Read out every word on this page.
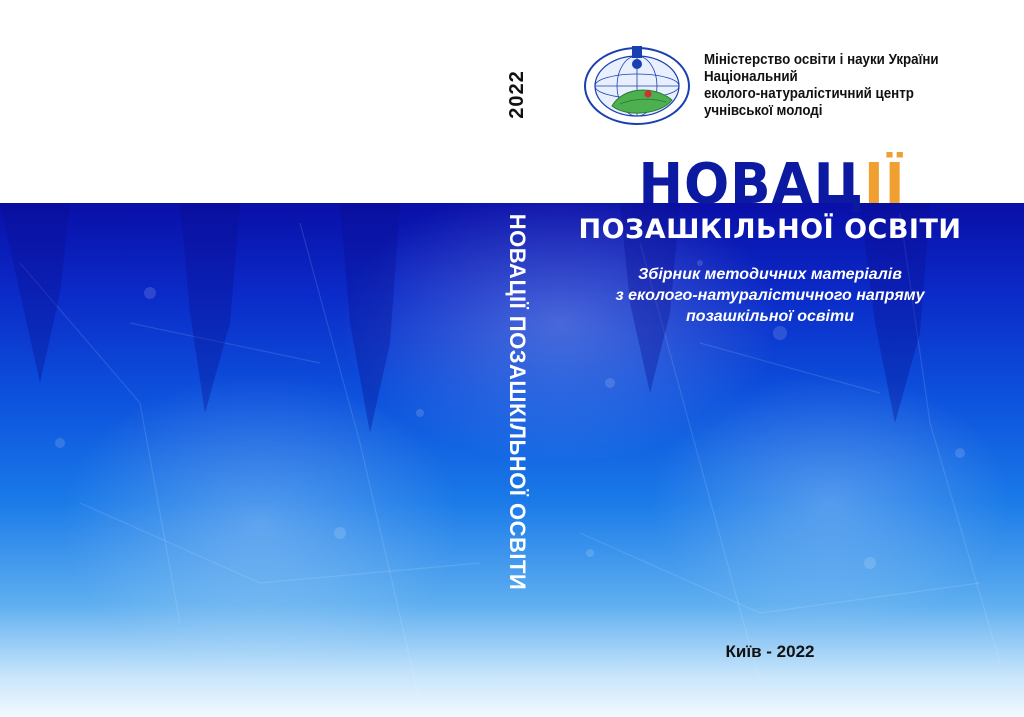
2022
НОВАЦІЇ ПОЗАШКІЛЬНОЇ ОСВІТИ
Міністерство освіти і науки України
Національний
еколого-натуралістичний центр
учнівської молоді
НОВАЦІЇ
ПОЗАШКІЛЬНОЇ ОСВІТИ
Збірник методичних матеріалів
з еколого-натуралістичного напряму
позашкільної освіти
Київ - 2022
